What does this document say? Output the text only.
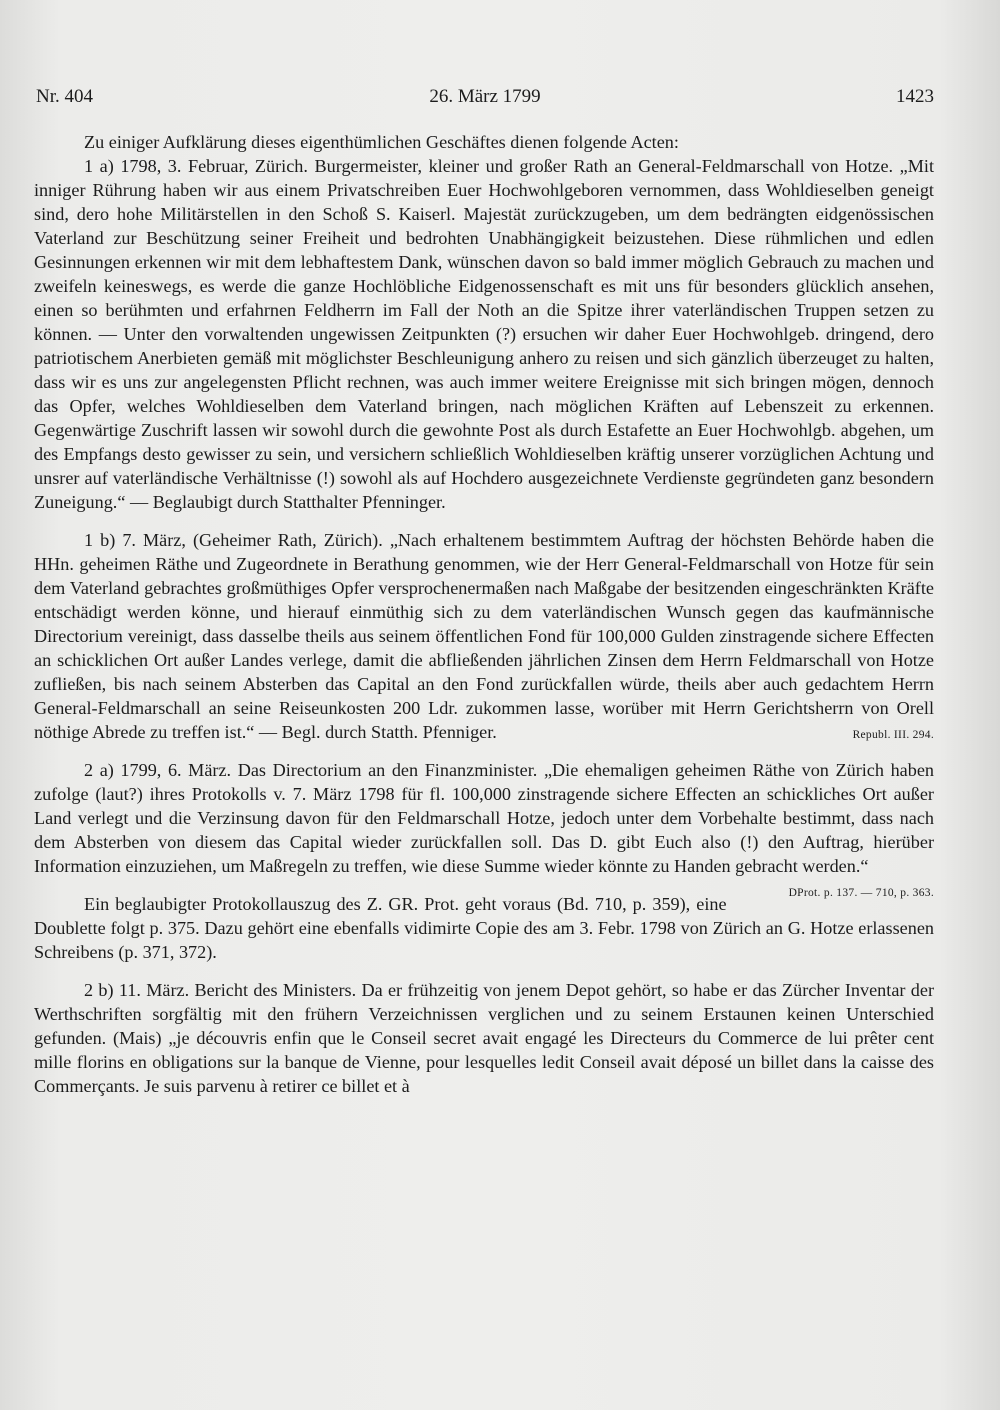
Nr. 404	26. März 1799	1423

Zu einiger Aufklärung dieses eigenthümlichen Geschäftes dienen folgende Acten:

1 a) 1798, 3. Februar, Zürich. Burgermeister, kleiner und großer Rath an General-Feldmarschall von Hotze. „Mit inniger Rührung haben wir aus einem Privatschreiben Euer Hochwohlgeboren vernommen, dass Wohldieselben geneigt sind, dero hohe Militärstellen in den Schoß S. Kaiserl. Majestät zurückzugeben, um dem bedrängten eidgenössischen Vaterland zur Beschützung seiner Freiheit und bedrohten Unabhängigkeit beizustehen. Diese rühmlichen und edlen Gesinnungen erkennen wir mit dem lebhaftestem Dank, wünschen davon so bald immer möglich Gebrauch zu machen und zweifeln keineswegs, es werde die ganze Hochlöbliche Eidgenossenschaft es mit uns für besonders glücklich ansehen, einen so berühmten und erfahrnen Feldherrn im Fall der Noth an die Spitze ihrer vaterländischen Truppen setzen zu können. — Unter den vorwaltenden ungewissen Zeitpunkten (?) ersuchen wir daher Euer Hochwohlgeb. dringend, dero patriotischem Anerbieten gemäß mit möglichster Beschleunigung anhero zu reisen und sich gänzlich überzeuget zu halten, dass wir es uns zur angelegensten Pflicht rechnen, was auch immer weitere Ereignisse mit sich bringen mögen, dennoch das Opfer, welches Wohldieselben dem Vaterland bringen, nach möglichen Kräften auf Lebenszeit zu erkennen. Gegenwärtige Zuschrift lassen wir sowohl durch die gewohnte Post als durch Estafette an Euer Hochwohlgb. abgehen, um des Empfangs desto gewisser zu sein, und versichern schließlich Wohldieselben kräftig unserer vorzüglichen Achtung und unsrer auf vaterländische Verhältnisse (!) sowohl als auf Hochdero ausgezeichnete Verdienste gegründeten ganz besondern Zuneigung.“ — Beglaubigt durch Statthalter Pfenninger.

1 b) 7. März, (Geheimer Rath, Zürich). „Nach erhaltenem bestimmtem Auftrag der höchsten Behörde haben die HHn. geheimen Räthe und Zugeordnete in Berathung genommen, wie der Herr General-Feldmarschall von Hotze für sein dem Vaterland gebrachtes großmüthiges Opfer versprochenermaßen nach Maßgabe der besitzenden eingeschränkten Kräfte entschädigt werden könne, und hierauf einmüthig sich zu dem vaterländischen Wunsch gegen das kaufmännische Directorium vereinigt, dass dasselbe theils aus seinem öffentlichen Fond für 100,000 Gulden zinstragende sichere Effecten an schicklichen Ort außer Landes verlege, damit die abfließenden jährlichen Zinsen dem Herrn Feldmarschall von Hotze zufließen, bis nach seinem Absterben das Capital an den Fond zurückfallen würde, theils aber auch gedachtem Herrn General-Feldmarschall an seine Reiseunkosten 200 Ldr. zukommen lasse, worüber mit Herrn Gerichtsherrn von Orell nöthige Abrede zu treffen ist.“ — Begl. durch Statth. Pfenniger.	Republ. III. 294.

2 a) 1799, 6. März. Das Directorium an den Finanzminister. „Die ehemaligen geheimen Räthe von Zürich haben zufolge (laut?) ihres Protokolls v. 7. März 1798 für fl. 100,000 zinstragende sichere Effecten an schickliches Ort außer Land verlegt und die Verzinsung davon für den Feldmarschall Hotze, jedoch unter dem Vorbehalte bestimmt, dass nach dem Absterben von diesem das Capital wieder zurückfallen soll. Das D. gibt Euch also (!) den Auftrag, hierüber Information einzuziehen, um Maßregeln zu treffen, wie diese Summe wieder könnte zu Handen gebracht werden.“
DProt. p. 137. — 710, p. 363.

Ein beglaubigter Protokollauszug des Z. GR. Prot. geht voraus (Bd. 710, p. 359), eine Doublette folgt p. 375. Dazu gehört eine ebenfalls vidimirte Copie des am 3. Febr. 1798 von Zürich an G. Hotze erlassenen Schreibens (p. 371, 372).

2 b) 11. März. Bericht des Ministers. Da er frühzeitig von jenem Depot gehört, so habe er das Zürcher Inventar der Werthschriften sorgfältig mit den frühern Verzeichnissen verglichen und zu seinem Erstaunen keinen Unterschied gefunden. (Mais) „je découvris enfin que le Conseil secret avait engagé les Directeurs du Commerce de lui prêter cent mille florins en obligations sur la banque de Vienne, pour lesquelles ledit Conseil avait déposé un billet dans la caisse des Commerçants. Je suis parvenu à retirer ce billet et à
